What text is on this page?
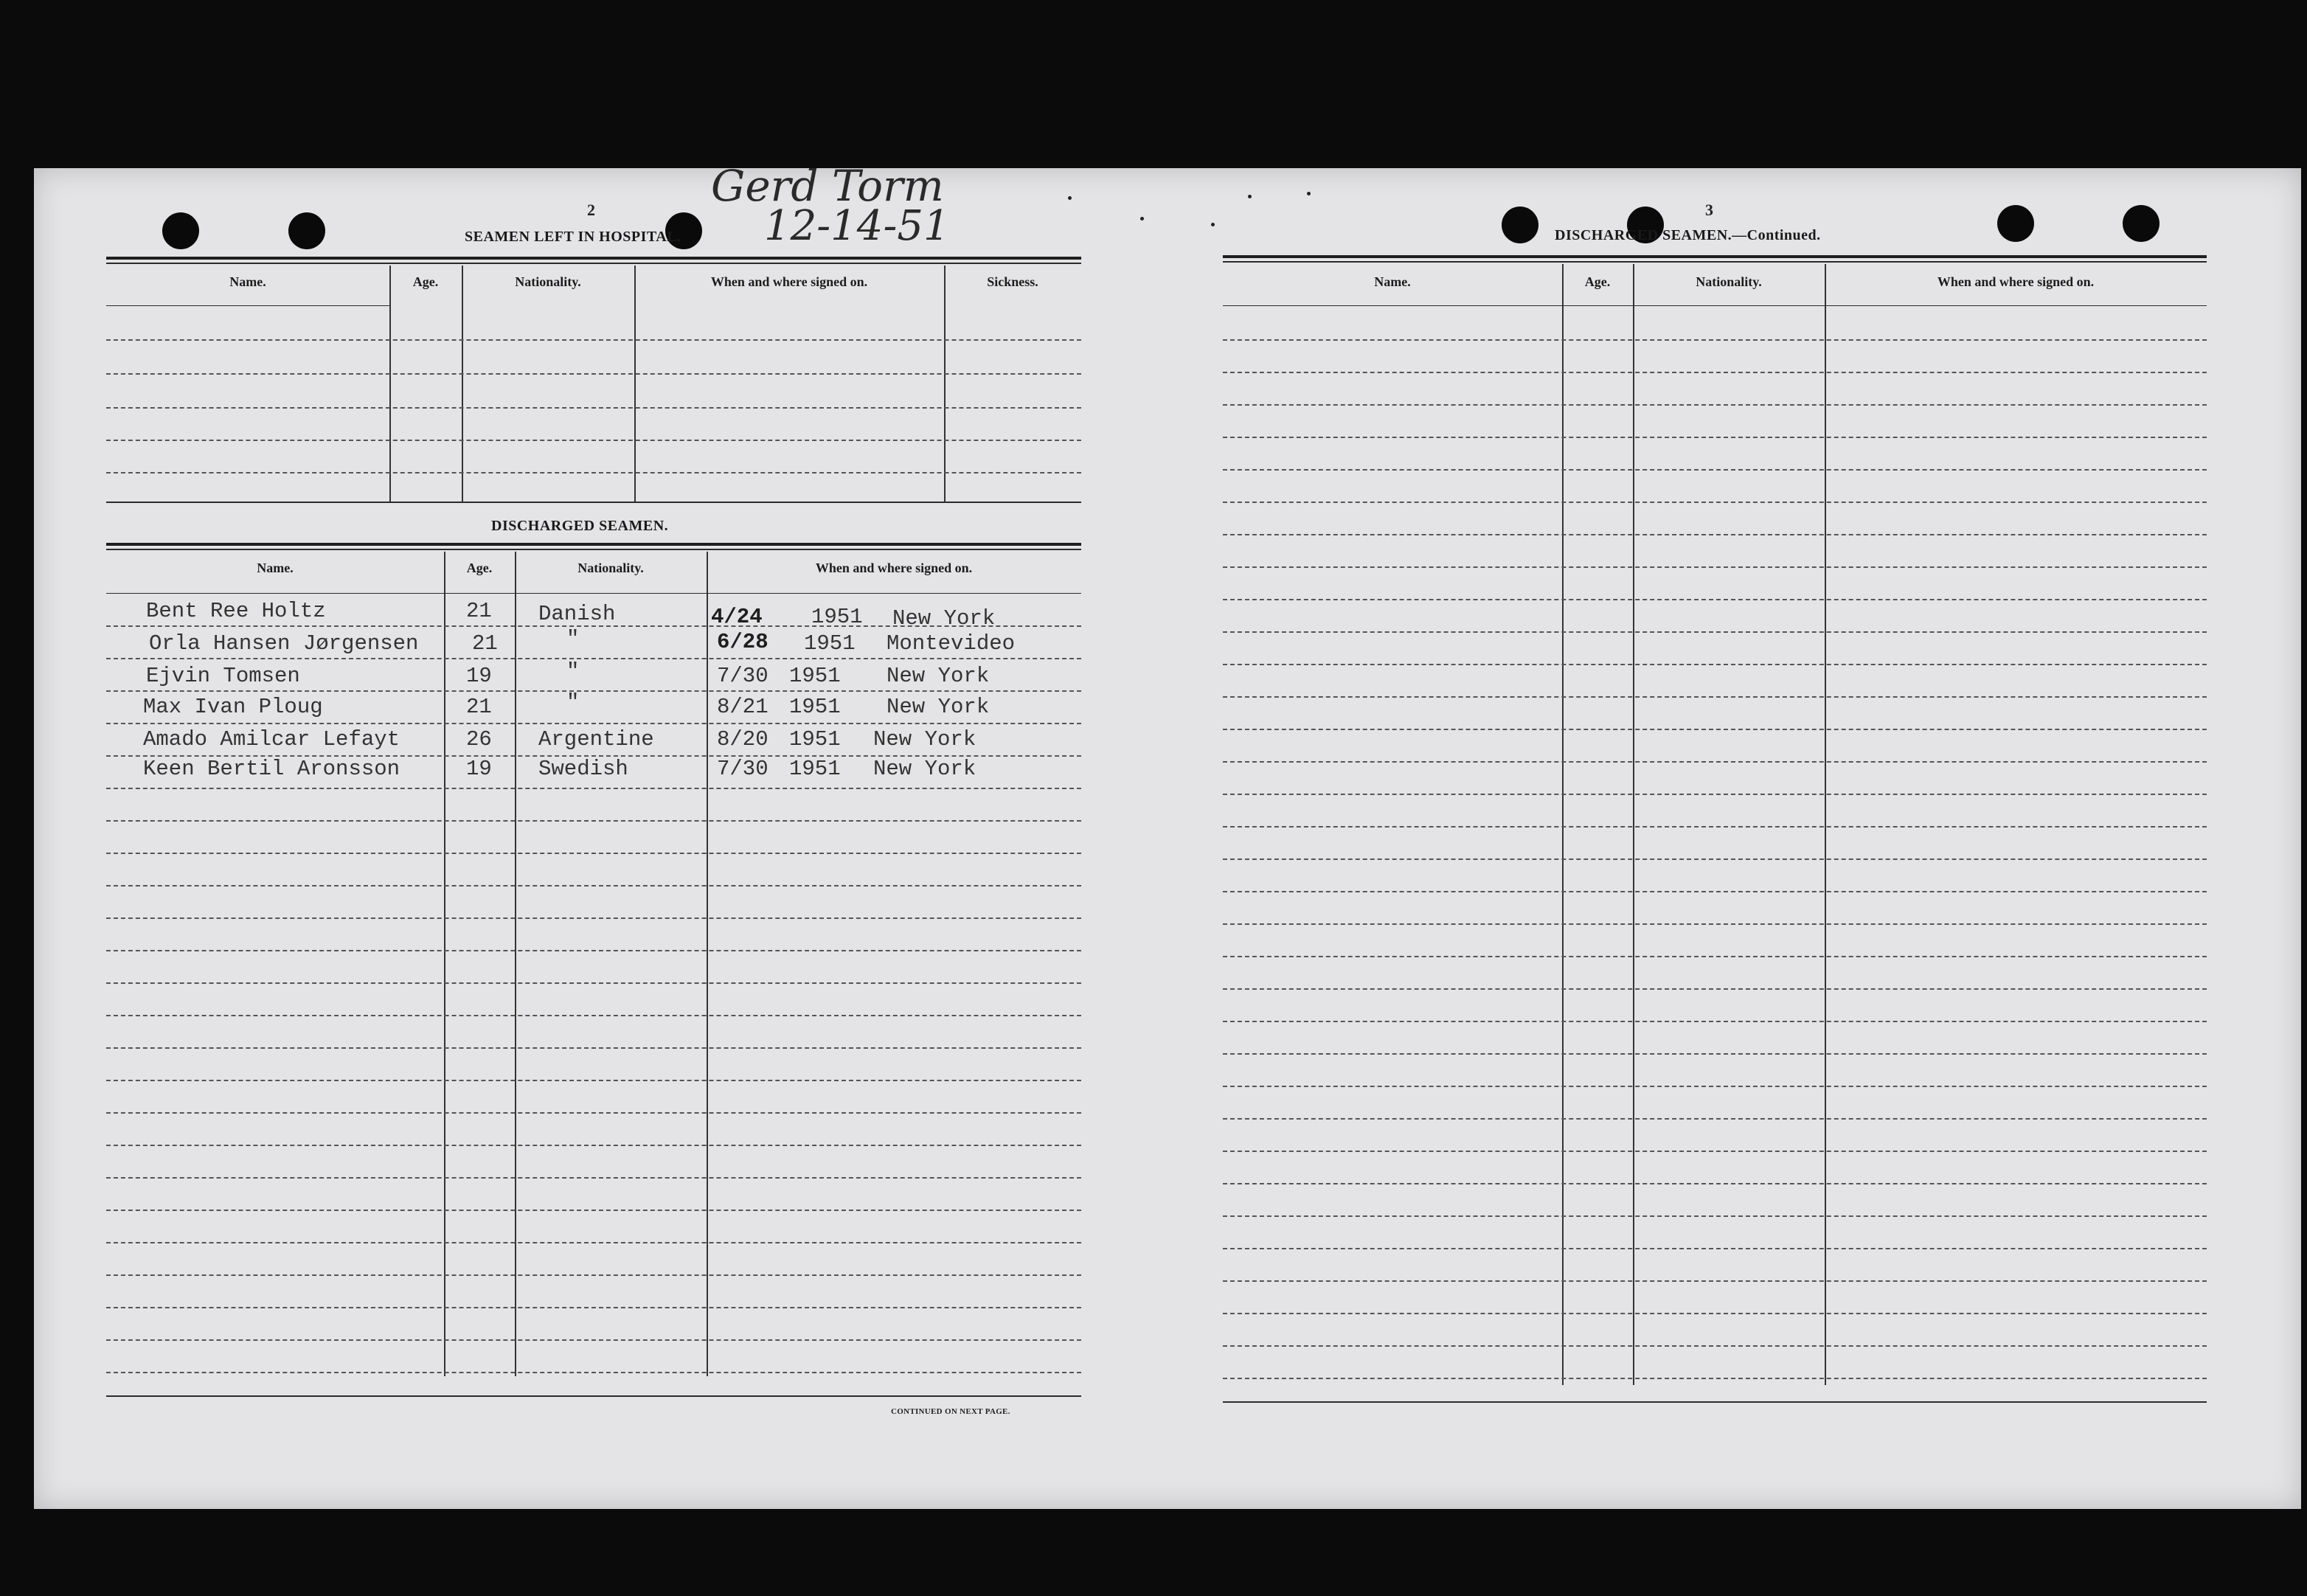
2
SEAMEN LEFT IN HOSPITAL.
Gerd Torm
12-14-51
Name.	Age.	Nationality.	When and where signed on.	Sickness.
DISCHARGED SEAMEN.
Name.	Age.	Nationality.	When and where signed on.
Bent Ree Holtz	21 Danish	4/24 1951 New York
Orla Hansen Jørgensen	21	"	6/28 1951 Montevideo
Ejvin Tomsen	19	"	7/30 1951 New York
Max Ivan Ploug	21	"	8/21 1951 New York
Amado Amilcar Lefayt	26 Argentine	8/20 1951 New York
Keen Bertil Aronsson	19 Swedish	7/30 1951 New York
CONTINUED ON NEXT PAGE.
3
DISCHARGED SEAMEN.—Continued.
Name.	Age.	Nationality.	When and where signed on.
